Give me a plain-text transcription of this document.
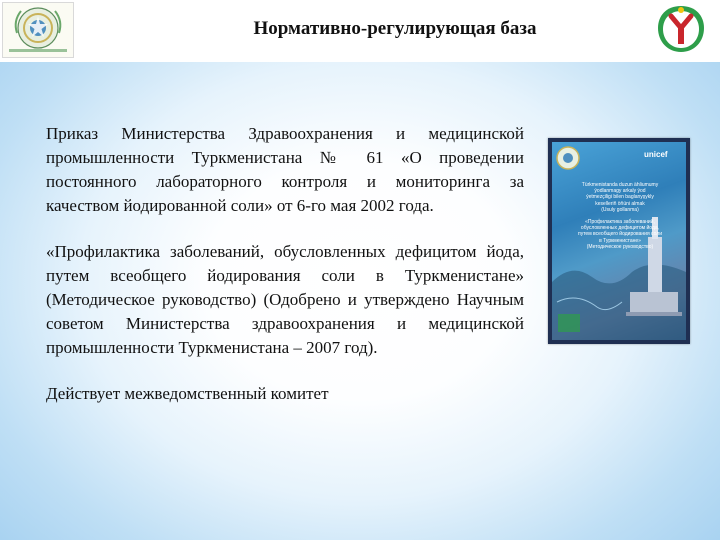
Нормативно-регулирующая база

Приказ Министерства Здравоохранения и медицинской промышленности Туркменистана № 61 «О проведении постоянного лабораторного контроля и мониторинга за качеством йодированной соли» от 6-го мая 2002 года.

«Профилактика заболеваний, обусловленных дефицитом йода, путем всеобщего йодирования соли в Туркменистане» (Методическое руководство) (Одобрено и утверждено Научным советом Министерства здравоохранения и медицинской промышленности Туркменистана – 2007 год).

Действует межведомственный комитет

unicef
Türkmenistanda duzun ähliumumy
ýodlanmagy arkaly ýod
ýetmezçiligi bilen baglanyşykly
keselleriň öňüni almak
(Usuly gollanma)
«Профилактика заболеваний,
обусловленных дефицитом йода,
путем всеобщего йодирования соли
в Туркменистане»
(Методическое руководство)
